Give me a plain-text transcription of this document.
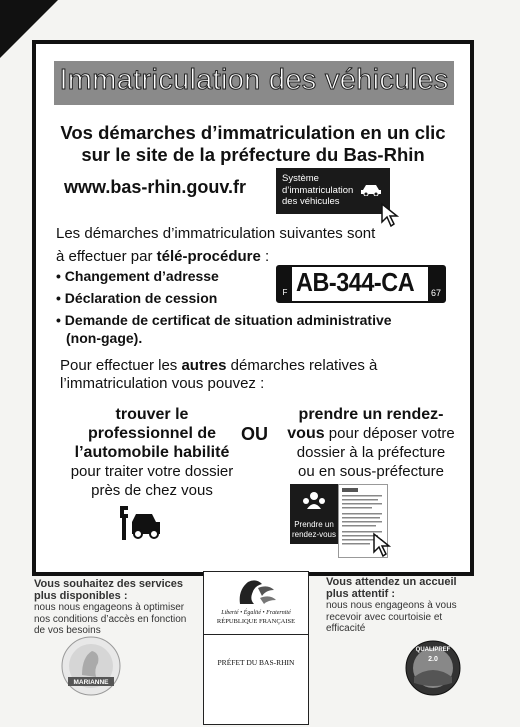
Immatriculation des véhicules
Vos démarches d’immatriculation en un clic
sur le site de la préfecture du Bas-Rhin
www.bas-rhin.gouv.fr	Système
d’immatriculation
des véhicules
Les démarches d’immatriculation suivantes sont
à effectuer par télé-procédure :
• Changement d’adresse
• Déclaration de cession
• Demande de certificat de situation administrative
(non-gage).
F AB-344-CA	67
Pour effectuer les autres démarches relatives à
l’immatriculation vous pouvez :
trouver le
professionnel de
l’automobile habilité
pour traiter votre dossier
près de chez vous
OU
prendre un rendez-
vous pour déposer votre
dossier à la préfecture
ou en sous-préfecture
Prendre un
rendez-vous
Vous souhaitez des services
plus disponibles :
nous nous engageons à optimiser
nos conditions d’accès en fonction
de vos besoins
Liberté • Égalité • Fraternité
RÉPUBLIQUE FRANÇAISE
PRÉFET DU BAS-RHIN
Vous attendez un accueil
plus attentif :
nous nous engageons à vous
recevoir avec courtoisie et
efficacité
MARIANNE
QUALIPREF
2.0
